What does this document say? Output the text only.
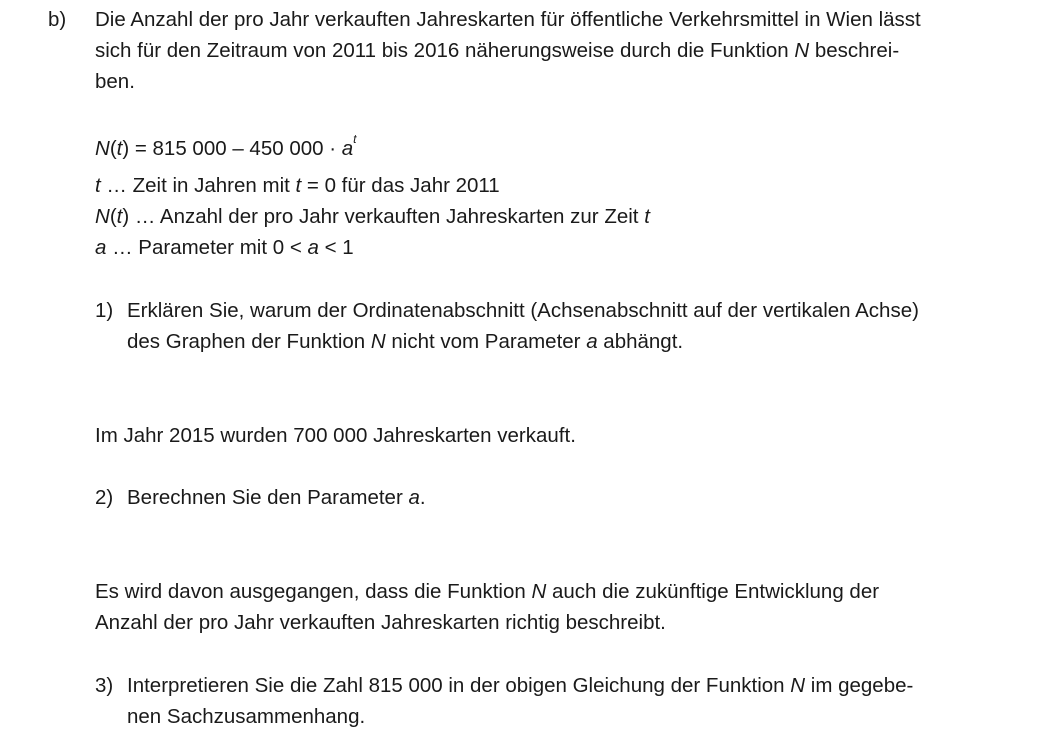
b) Die Anzahl der pro Jahr verkauften Jahreskarten für öffentliche Verkehrsmittel in Wien lässt

sich für den Zeitraum von 2011 bis 2016 näherungsweise durch die Funktion N beschrei-

ben.

N(t) = 815 000 – 450 $000 \cdot a^t$

t … Zeit in Jahren mit t = 0 für das Jahr 2011

N(t) … Anzahl der pro Jahr verkauften Jahreskarten zur Zeit t

a … Parameter mit 0 < a < 1

1) Erklären Sie, warum der Ordinatenabschnitt (Achsenabschnitt auf der vertikalen Achse)

des Graphen der Funktion N nicht vom Parameter a abhängt.

Im Jahr 2015 wurden 700 000 Jahreskarten verkauft.

2) Berechnen Sie den Parameter a.

Es wird davon ausgegangen, dass die Funktion N auch die zukünftige Entwicklung der

Anzahl der pro Jahr verkauften Jahreskarten richtig beschreibt.

3) Interpretieren Sie die Zahl 815 000 in der obigen Gleichung der Funktion N im gegebe-

nen Sachzusammenhang.
